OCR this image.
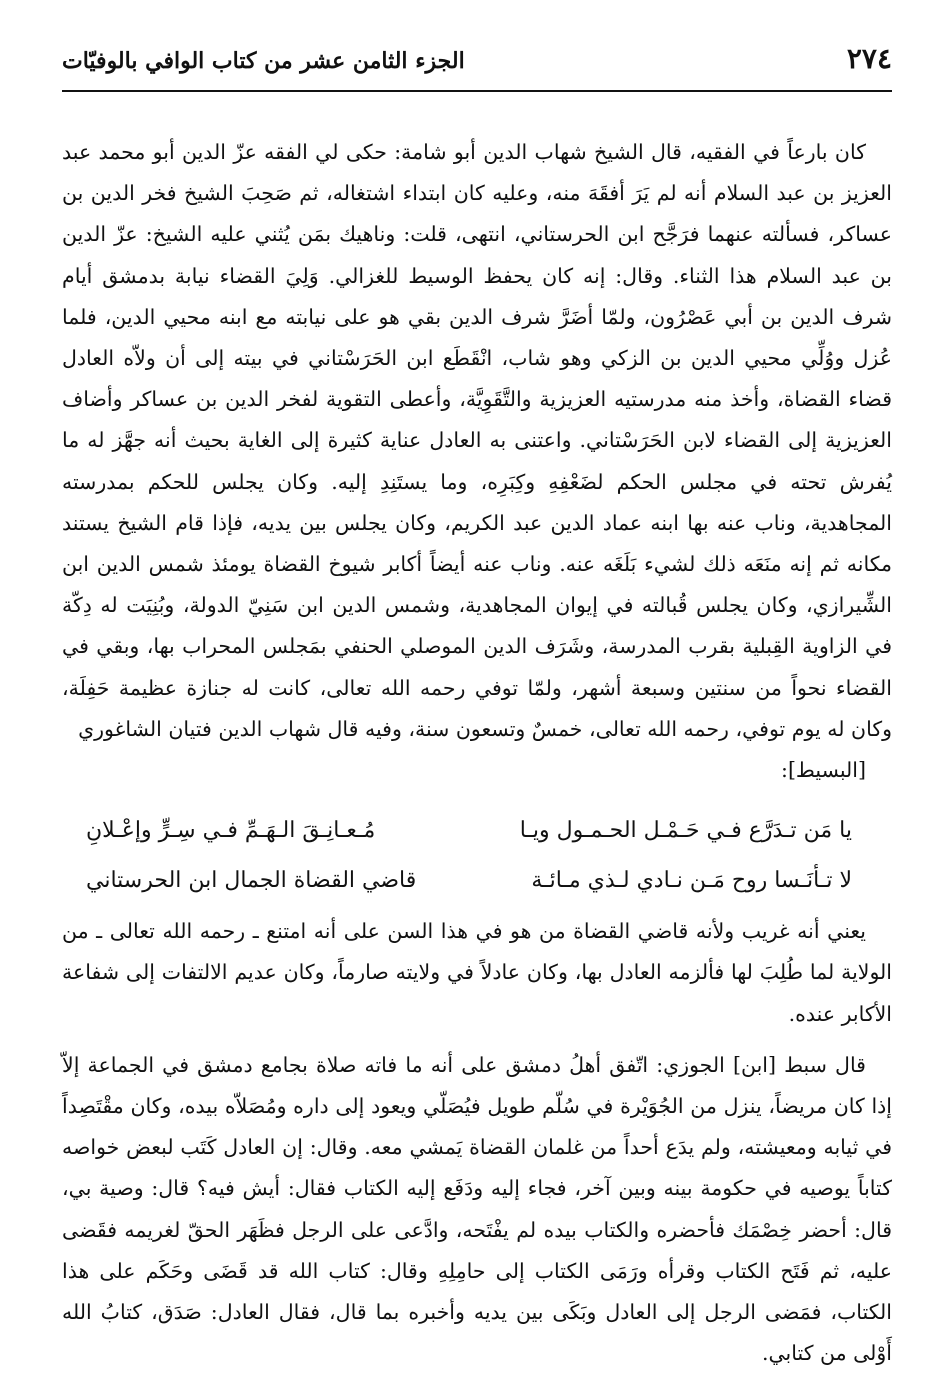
٢٧٤
الجزء الثامن عشر من كتاب الوافي بالوفيّات

كان بارعاً في الفقيه، قال الشيخ شهاب الدين أبو شامة: حكى لي الفقه عزّ الدين أبو محمد عبد العزيز بن عبد السلام أنه لم يَرَ أفقَهَ منه، وعليه كان ابتداء اشتغاله، ثم صَحِبَ الشيخ فخر الدين بن عساكر، فسألته عنهما فرَجَّح ابن الحرستاني، انتهى، قلت: وناهيك بمَن يُثني عليه الشيخ: عزّ الدين بن عبد السلام هذا الثناء. وقال: إنه كان يحفظ الوسيط للغزالي. وَلِيَ القضاء نيابة بدمشق أيام شرف الدين بن أبي عَصْرُون، ولمّا أضَرَّ شرف الدين بقي هو على نيابته مع ابنه محيي الدين، فلما عُزل ووُلِّي محيي الدين بن الزكي وهو شاب، انْقَطَع ابن الحَرَسْتاني في بيته إلى أن ولاّه العادل قضاء القضاة، وأخذ منه مدرستيه العزيزية والتَّقَوِيَّة، وأعطى التقوية لفخر الدين بن عساكر وأضاف العزيزية إلى القضاء لابن الحَرَسْتاني. واعتنى به العادل عناية كثيرة إلى الغاية بحيث أنه جهَّز له ما يُفرش تحته في مجلس الحكم لضَعْفِهِ وكِبَرِه، وما يستَنِدِ إليه. وكان يجلس للحكم بمدرسته المجاهدية، وناب عنه بها ابنه عماد الدين عبد الكريم، وكان يجلس بين يديه، فإذا قام الشيخ يستند مكانه ثم إنه منَعَه ذلك لشيء بَلَغَه عنه. وناب عنه أيضاً أكابر شيوخ القضاة يومئذ شمس الدين ابن الشِّيرازي، وكان يجلس قُبالته في إيوان المجاهدية، وشمس الدين ابن سَنِيّ الدولة، وبُنِيَت له دِكّة في الزاوية القِبلية بقرب المدرسة، وشَرَف الدين الموصلي الحنفي بمَجلس المحراب بها، وبقي في القضاء نحواً من سنتين وسبعة أشهر، ولمّا توفي رحمه الله تعالى، كانت له جنازة عظيمة حَفِلَة، وكان له يوم توفي، رحمه الله تعالى، خمسٌ وتسعون سنة، وفيه قال شهاب الدين فتيان الشاغوري
[البسيط]:

يا مَن تـدَرَّع فـي حَـمْـل الحـمـول ويـا
مُـعـانِـقَ الـهَـمِّ فـي سِـرٍّ وإعْـلانِ
لا تـأنَـسا روح مَـن نـادي لـذي مـائـة
قاضي القضاة الجمال ابن الحرستاني

يعني أنه غريب ولأنه قاضي القضاة من هو في هذا السن على أنه امتنع ـ رحمه الله تعالى ـ من الولاية لما طُلِبَ لها فألزمه العادل بها، وكان عادلاً في ولايته صارماً، وكان عديم الالتفات إلى شفاعة الأكابر عنده.

قال سبط [ابن] الجوزي: اتّفق أهلُ دمشق على أنه ما فاته صلاة بجامع دمشق في الجماعة إلاّ إذا كان مريضاً، ينزل من الجُوَيْرة في سُلّم طويل فيُصَلّي ويعود إلى داره ومُصَلاّه بيده، وكان مقْتَصِداً في ثيابه ومعيشته، ولم يدَع أحداً من غلمان القضاة يَمشي معه. وقال: إن العادل كَتَب لبعض خواصه كتاباً يوصيه في حكومة بينه وبين آخر، فجاء إليه ودَفَع إليه الكتاب فقال: أيش فيه؟ قال: وصية بي، قال: أحضر خِصْمَك فأحضره والكتاب بيده لم يفْتَحه، وادَّعى على الرجل فظَهَر الحقّ لغريمه فقَضى عليه، ثم فَتَح الكتاب وقرأه ورَمَى الكتاب إلى حامِلِهِ وقال: كتاب الله قد قَضَى وحَكَم على هذا الكتاب، فمَضى الرجل إلى العادل وبَكَى بين يديه وأخبره بما قال، فقال العادل: صَدَق، كتابُ الله أَوْلى من كتابي.
